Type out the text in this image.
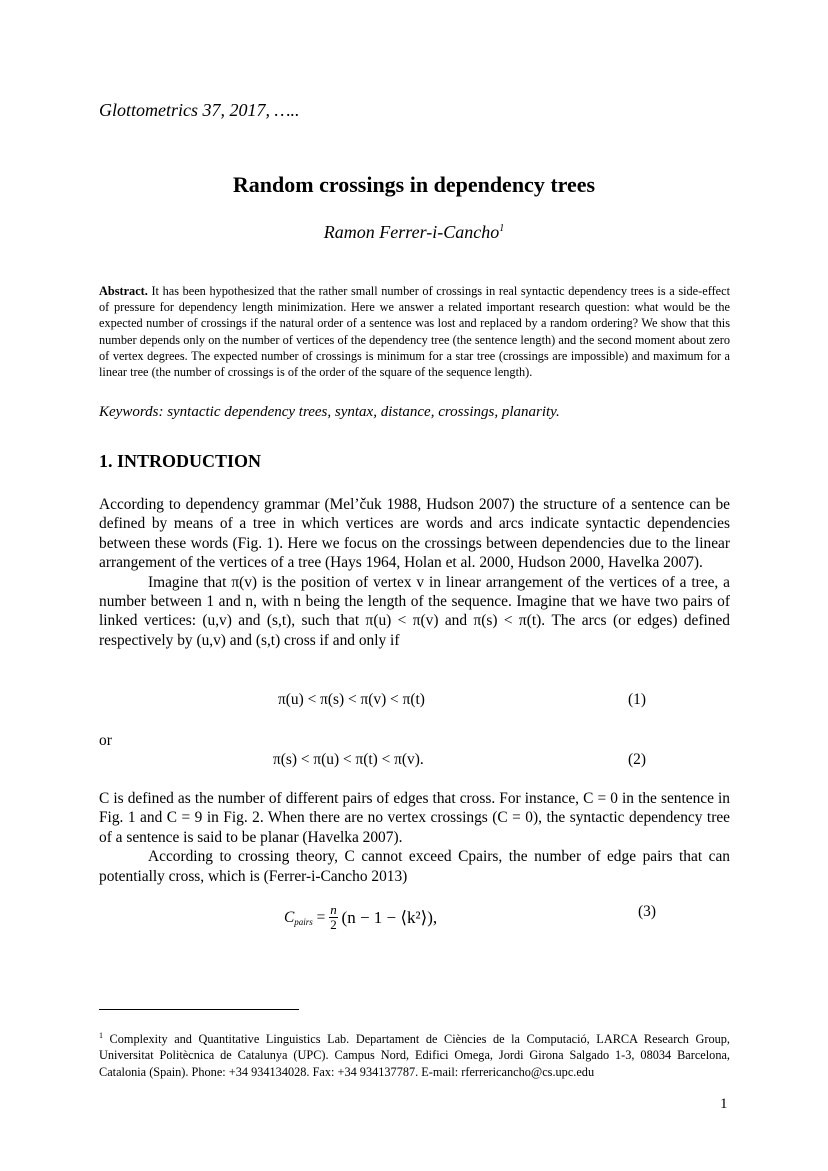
Glottometrics 37, 2017, …..
Random crossings in dependency trees
Ramon Ferrer-i-Cancho$^1$
Abstract. It has been hypothesized that the rather small number of crossings in real syntactic dependency trees is a side-effect of pressure for dependency length minimization. Here we answer a related important research question: what would be the expected number of crossings if the natural order of a sentence was lost and replaced by a random ordering? We show that this number depends only on the number of vertices of the dependency tree (the sentence length) and the second moment about zero of vertex degrees. The expected number of crossings is minimum for a star tree (crossings are impossible) and maximum for a linear tree (the number of crossings is of the order of the square of the sequence length).
Keywords: syntactic dependency trees, syntax, distance, crossings, planarity.
1. INTRODUCTION

According to dependency grammar (Mel’čuk 1988, Hudson 2007) the structure of a sentence can be defined by means of a tree in which vertices are words and arcs indicate syntactic dependencies between these words (Fig. 1). Here we focus on the crossings between dependencies due to the linear arrangement of the vertices of a tree (Hays 1964, Holan et al. 2000, Hudson 2000, Havelka 2007).

Imagine that π(v) is the position of vertex v in linear arrangement of the vertices of a tree, a number between 1 and n, with n being the length of the sequence. Imagine that we have two pairs of linked vertices: (u,v) and (s,t), such that π(u) < π(v) and π(s) < π(t). The arcs (or edges) defined respectively by (u,v) and (s,t) cross if and only if

π(u) < π(s) < π(v) < π(t)	(1)
or
π(s) < π(u) < π(t) < π(v).	(2)

C is defined as the number of different pairs of edges that cross. For instance, C = 0 in the sentence in Fig. 1 and C = 9 in Fig. 2. When there are no vertex crossings (C = 0), the syntactic dependency tree of a sentence is said to be planar (Havelka 2007).

According to crossing theory, C cannot exceed Cpairs, the number of edge pairs that can potentially cross, which is (Ferrer-i-Cancho 2013)

$C_{pairs} = \frac{n}{2} (n - 1$ − ⟨k²⟩),	(3)
$^1$ Complexity and Quantitative Linguistics Lab. Departament de Ciències de la Computació, LARCA Research Group, Universitat Politècnica de Catalunya (UPC). Campus Nord, Edifici Omega, Jordi Girona Salgado 1-3, 08034 Barcelona, Catalonia (Spain). Phone: +34 934134028. Fax: +34 934137787. E-mail: rferrericancho@cs.upc.edu
1
